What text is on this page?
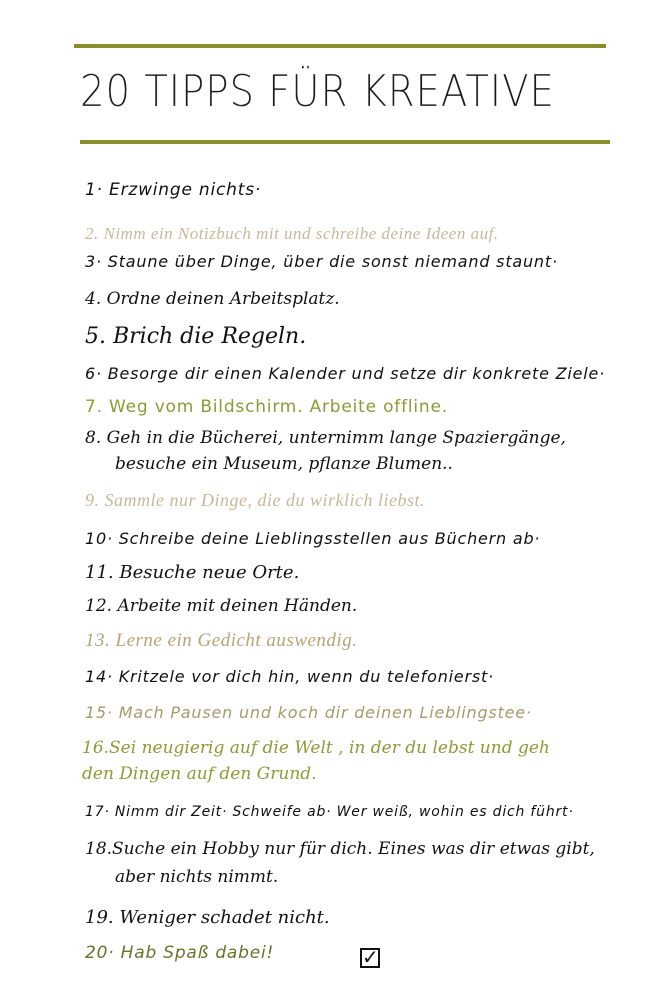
20 TIPPS FÜR KREATIVE
1· Erzwinge nichts·
2. Nimm ein Notizbuch mit und schreibe deine Ideen auf.
3· Staune über Dinge, über die sonst niemand staunt·
4. Ordne deinen Arbeitsplatz.
5. Brich die Regeln.
6· Besorge dir einen Kalender und setze dir konkrete Ziele·
7. Weg vom Bildschirm. Arbeite offline.
8. Geh in die Bücherei, unternimm lange Spaziergänge,
besuche ein Museum, pflanze Blumen..
9. Sammle nur Dinge, die du wirklich liebst.
10· Schreibe deine Lieblingsstellen aus Büchern ab·
11. Besuche neue Orte.
12. Arbeite mit deinen Händen.
13. Lerne ein Gedicht auswendig.
14· Kritzele vor dich hin, wenn du telefonierst·
15· Mach Pausen und koch dir deinen Lieblingstee·
16.Sei neugierig auf die Welt , in der du lebst und geh
den Dingen auf den Grund.
17· Nimm dir Zeit· Schweife ab· Wer weiß, wohin es dich führt·
18.Suche ein Hobby nur für dich. Eines was dir etwas gibt,
aber nichts nimmt.
19. Weniger schadet nicht.
20· Hab Spaß dabei!	✓
